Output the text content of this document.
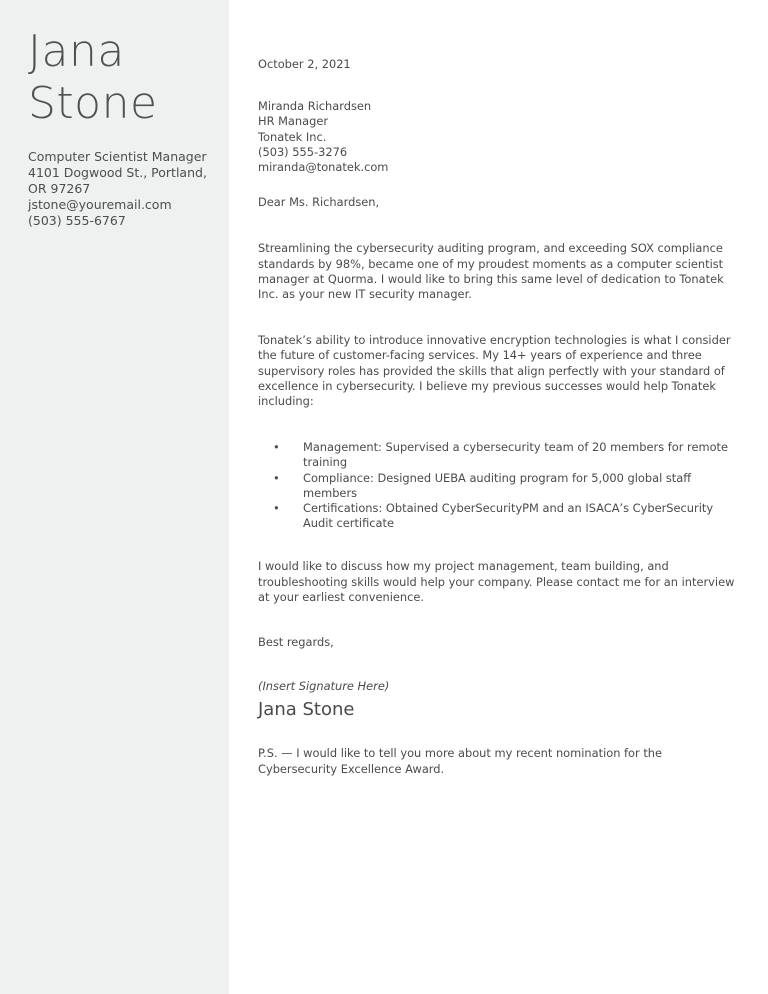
Jana
Stone
Computer Scientist Manager
4101 Dogwood St., Portland,
OR 97267
jstone@youremail.com
(503) 555-6767

October 2, 2021

Miranda Richardsen
HR Manager
Tonatek Inc.
(503) 555-3276
miranda@tonatek.com

Dear Ms. Richardsen,

Streamlining the cybersecurity auditing program, and exceeding SOX compliance standards by 98%, became one of my proudest moments as a computer scientist manager at Quorma. I would like to bring this same level of dedication to Tonatek Inc. as your new IT security manager.

Tonatek’s ability to introduce innovative encryption technologies is what I consider the future of customer-facing services. My 14+ years of experience and three supervisory roles has provided the skills that align perfectly with your standard of excellence in cybersecurity. I believe my previous successes would help Tonatek including:

• Management: Supervised a cybersecurity team of 20 members for remote training
• Compliance: Designed UEBA auditing program for 5,000 global staff members
• Certifications: Obtained CyberSecurityPM and an ISACA’s CyberSecurity Audit certificate

I would like to discuss how my project management, team building, and troubleshooting skills would help your company. Please contact me for an interview at your earliest convenience.

Best regards,

(Insert Signature Here)

Jana Stone

P.S. — I would like to tell you more about my recent nomination for the Cybersecurity Excellence Award.
